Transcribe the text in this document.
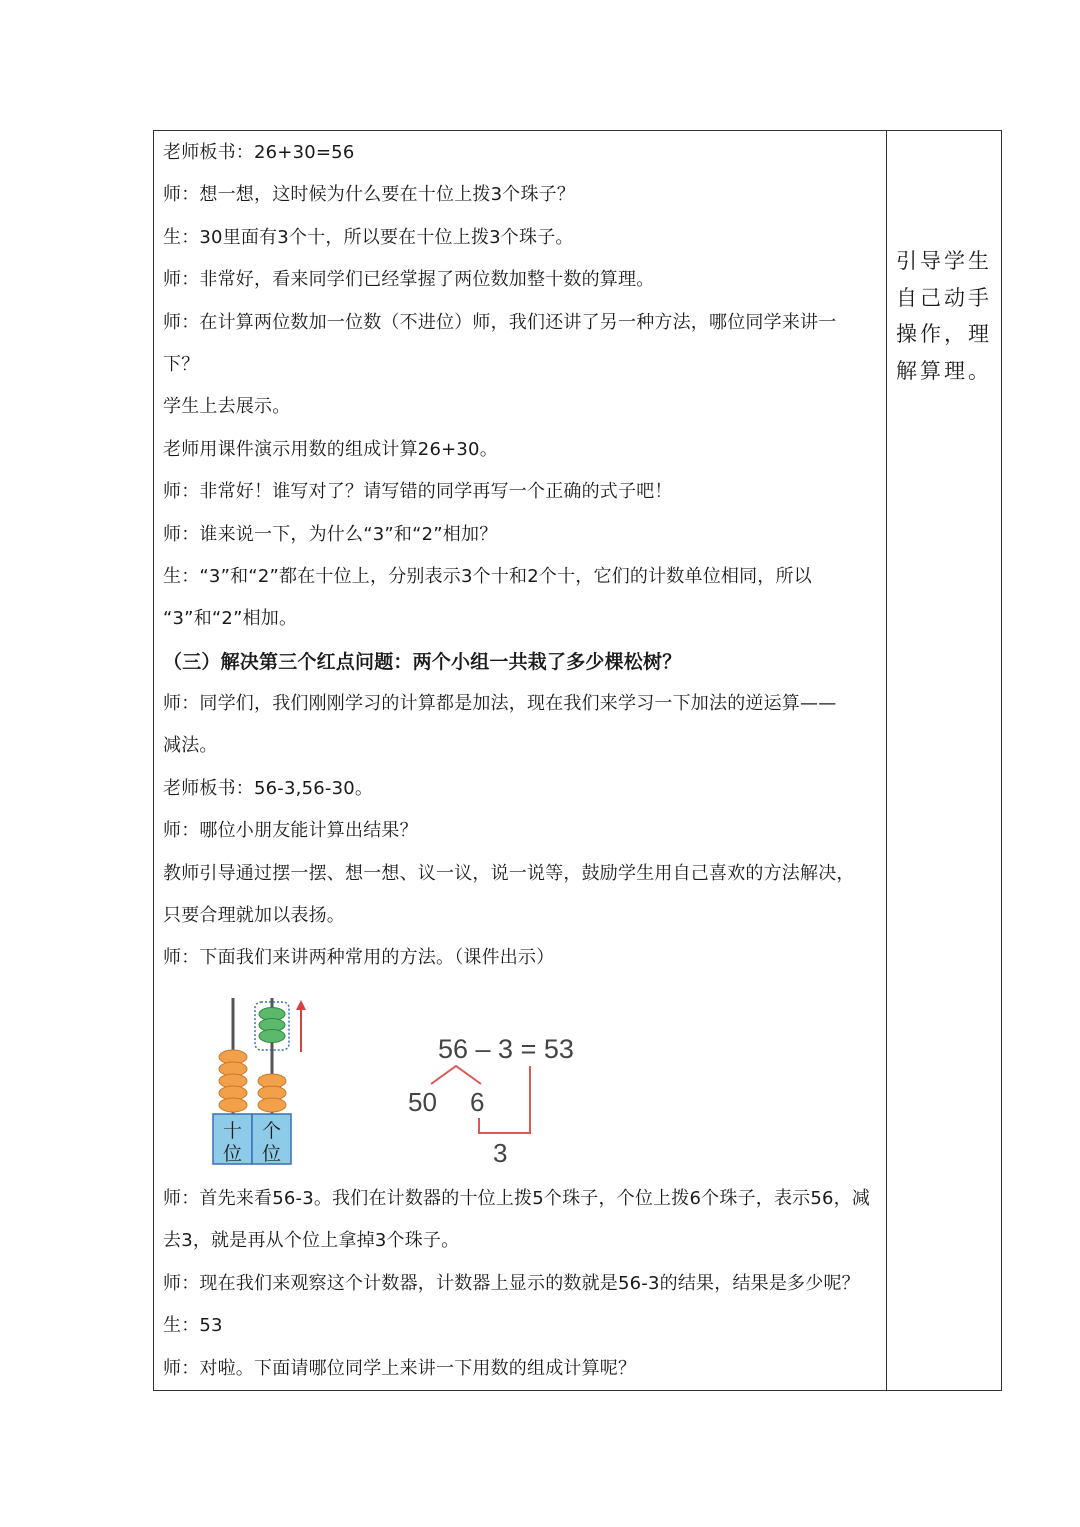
老师板书：26+30=56
师：想一想，这时候为什么要在十位上拨3个珠子？
生：30里面有3个十，所以要在十位上拨3个珠子。
师：非常好，看来同学们已经掌握了两位数加整十数的算理。
师：在计算两位数加一位数（不进位）师，我们还讲了另一种方法，哪位同学来讲一
下？
学生上去展示。
老师用课件演示用数的组成计算26+30。
师：非常好！谁写对了？请写错的同学再写一个正确的式子吧！
师：谁来说一下，为什么“3”和“2”相加？
生：“3”和“2”都在十位上，分别表示3个十和2个十，它们的计数单位相同，所以
“3”和“2”相加。
（三）解决第三个红点问题：两个小组一共栽了多少棵松树？
师：同学们，我们刚刚学习的计算都是加法，现在我们来学习一下加法的逆运算——
减法。
老师板书：56-3,56-30。
师：哪位小朋友能计算出结果？
教师引导通过摆一摆、想一想、议一议，说一说等，鼓励学生用自己喜欢的方法解决，
只要合理就加以表扬。
师：下面我们来讲两种常用的方法。（课件出示）
十
位
个
位
56 – 3 = 53
50 6
3
师：首先来看56-3。我们在计数器的十位上拨5个珠子，个位上拨6个珠子，表示56，减
去3，就是再从个位上拿掉3个珠子。
师：现在我们来观察这个计数器，计数器上显示的数就是56-3的结果，结果是多少呢？
生：53
师：对啦。下面请哪位同学上来讲一下用数的组成计算呢？
引导学生
自己动手
操作，理
解算理。
